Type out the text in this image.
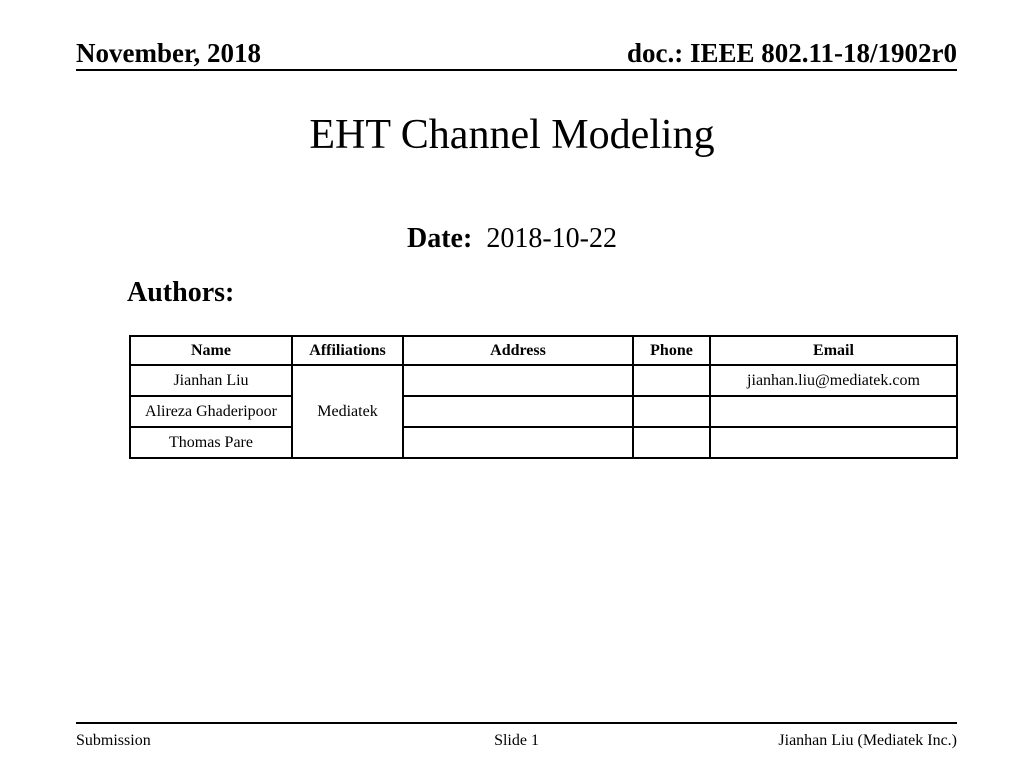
November, 2018	doc.: IEEE 802.11-18/1902r0
EHT Channel Modeling
Date: 2018-10-22
Authors:
Name	Affiliations	Address	Phone	Email
Jianhan Liu	Mediatek			jianhan.liu@mediatek.com
Alireza Ghaderipoor				
Thomas Pare				
Submission	Slide 1	Jianhan Liu (Mediatek Inc.)
